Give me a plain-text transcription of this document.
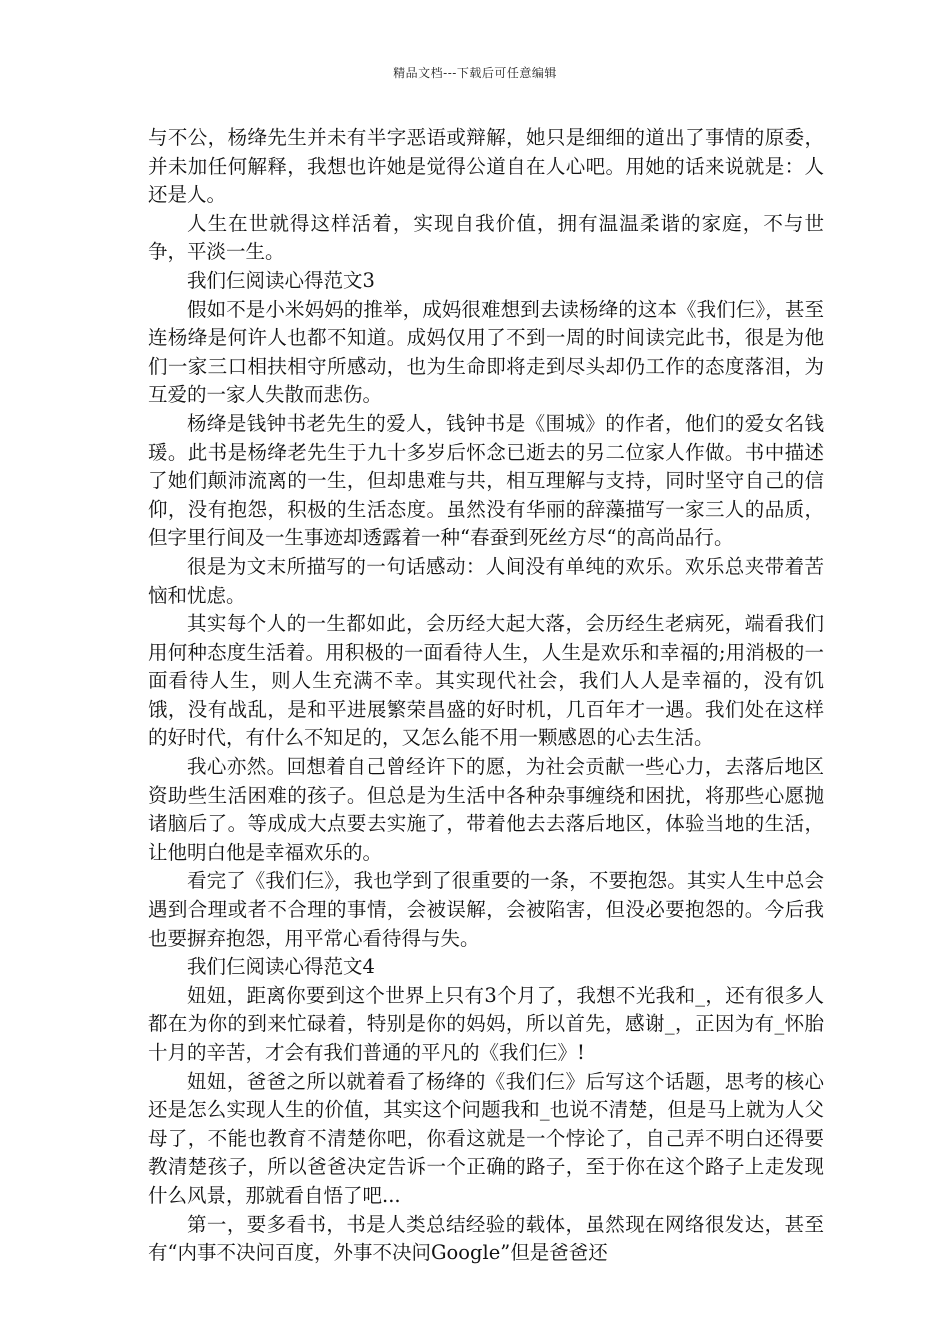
精品文档---下载后可任意编辑

与不公，杨绛先生并未有半字恶语或辩解，她只是细细的道出了事情的原委，并未加任何解释，我想也许她是觉得公道自在人心吧。用她的话来说就是：人还是人。

人生在世就得这样活着，实现自我价值，拥有温温柔谐的家庭，不与世争，平淡一生。

我们仨阅读心得范文3

假如不是小米妈妈的推举，成妈很难想到去读杨绛的这本《我们仨》，甚至连杨绛是何许人也都不知道。成妈仅用了不到一周的时间读完此书，很是为他们一家三口相扶相守所感动，也为生命即将走到尽头却仍工作的态度落泪，为互爱的一家人失散而悲伤。

杨绛是钱钟书老先生的爱人，钱钟书是《围城》的作者，他们的爱女名钱瑗。此书是杨绛老先生于九十多岁后怀念已逝去的另二位家人作做。书中描述了她们颠沛流离的一生，但却患难与共，相互理解与支持，同时坚守自己的信仰，没有抱怨，积极的生活态度。虽然没有华丽的辞藻描写一家三人的品质，但字里行间及一生事迹却透露着一种“春蚕到死丝方尽“的高尚品行。

很是为文末所描写的一句话感动：人间没有单纯的欢乐。欢乐总夹带着苦恼和忧虑。

其实每个人的一生都如此，会历经大起大落，会历经生老病死，端看我们用何种态度生活着。用积极的一面看待人生，人生是欢乐和幸福的;用消极的一面看待人生，则人生充满不幸。其实现代社会，我们人人是幸福的，没有饥饿，没有战乱，是和平进展繁荣昌盛的好时机，几百年才一遇。我们处在这样的好时代，有什么不知足的，又怎么能不用一颗感恩的心去生活。

我心亦然。回想着自己曾经许下的愿，为社会贡献一些心力，去落后地区资助些生活困难的孩子。但总是为生活中各种杂事缠绕和困扰，将那些心愿抛诸脑后了。等成成大点要去实施了，带着他去去落后地区，体验当地的生活，让他明白他是幸福欢乐的。

看完了《我们仨》，我也学到了很重要的一条，不要抱怨。其实人生中总会遇到合理或者不合理的事情，会被误解，会被陷害，但没必要抱怨的。今后我也要摒弃抱怨，用平常心看待得与失。

我们仨阅读心得范文4

妞妞，距离你要到这个世界上只有3个月了，我想不光我和_，还有很多人都在为你的到来忙碌着，特别是你的妈妈，所以首先，感谢_，正因为有_怀胎十月的辛苦，才会有我们普通的平凡的《我们仨》!

妞妞，爸爸之所以就着看了杨绛的《我们仨》后写这个话题，思考的核心还是怎么实现人生的价值，其实这个问题我和_也说不清楚，但是马上就为人父母了，不能也教育不清楚你吧，你看这就是一个悖论了，自己弄不明白还得要教清楚孩子，所以爸爸决定告诉一个正确的路子，至于你在这个路子上走发现什么风景，那就看自悟了吧...

第一，要多看书，书是人类总结经验的载体，虽然现在网络很发达，甚至有“内事不决问百度，外事不决问Google”但是爸爸还
